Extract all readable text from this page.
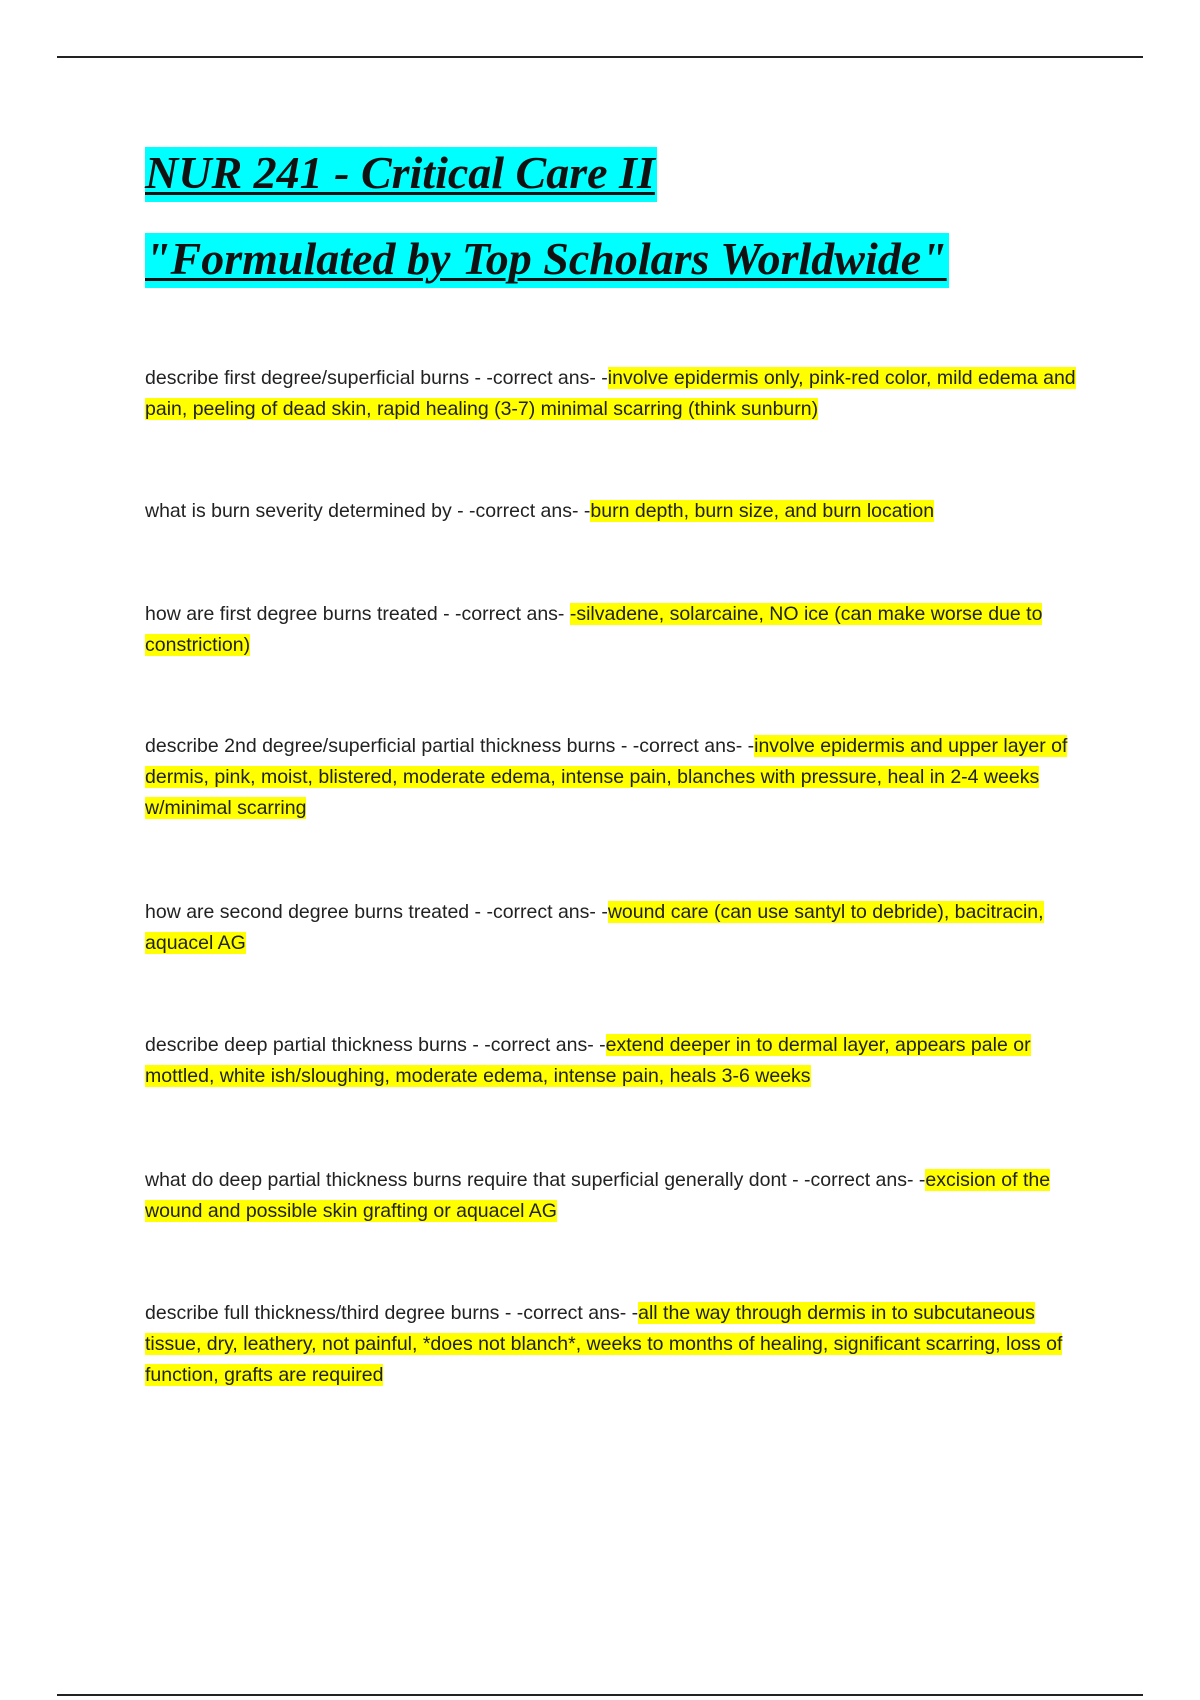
NUR 241 - Critical Care II
"Formulated by Top Scholars Worldwide"

describe first degree/superficial burns - -correct ans- -involve epidermis only, pink-red color, mild edema and pain, peeling of dead skin, rapid healing (3-7) minimal scarring (think sunburn)

what is burn severity determined by - -correct ans- -burn depth, burn size, and burn location

how are first degree burns treated - -correct ans- -silvadene, solarcaine, NO ice (can make worse due to constriction)

describe 2nd degree/superficial partial thickness burns - -correct ans- -involve epidermis and upper layer of dermis, pink, moist, blistered, moderate edema, intense pain, blanches with pressure, heal in 2-4 weeks w/minimal scarring

how are second degree burns treated - -correct ans- -wound care (can use santyl to debride), bacitracin, aquacel AG

describe deep partial thickness burns - -correct ans- -extend deeper in to dermal layer, appears pale or mottled, white ish/sloughing, moderate edema, intense pain, heals 3-6 weeks

what do deep partial thickness burns require that superficial generally dont - -correct ans- -excision of the wound and possible skin grafting or aquacel AG

describe full thickness/third degree burns - -correct ans- -all the way through dermis in to subcutaneous tissue, dry, leathery, not painful, *does not blanch*, weeks to months of healing, significant scarring, loss of function, grafts are required
